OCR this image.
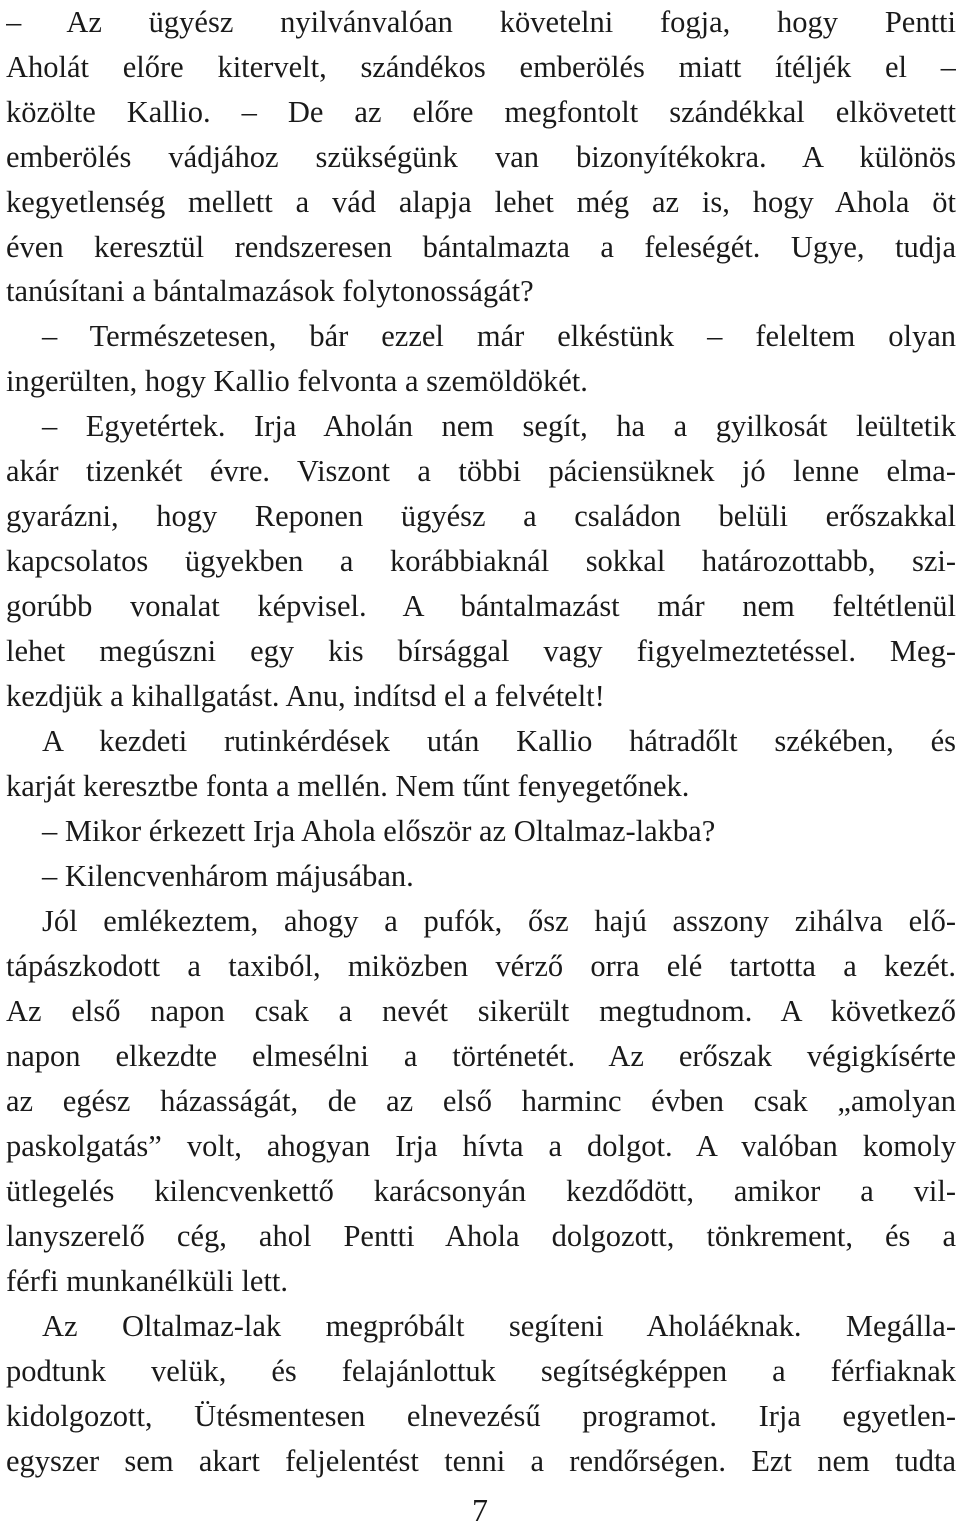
– Az ügyész nyilvánvalóan követelni fogja, hogy Pentti
Aholát előre kitervelt, szándékos emberölés miatt ítéljék el –
közölte Kallio. – De az előre megfontolt szándékkal elkövetett
emberölés vádjához szükségünk van bizonyítékokra. A különös
kegyetlenség mellett a vád alapja lehet még az is, hogy Ahola öt
éven keresztül rendszeresen bántalmazta a feleségét. Ugye, tudja
tanúsítani a bántalmazások folytonosságát?
– Természetesen, bár ezzel már elkéstünk – feleltem olyan
ingerülten, hogy Kallio felvonta a szemöldökét.
– Egyetértek. Irja Aholán nem segít, ha a gyilkosát leültetik
akár tizenkét évre. Viszont a többi páciensüknek jó lenne elma-
gyarázni, hogy Reponen ügyész a családon belüli erőszakkal
kapcsolatos ügyekben a korábbiaknál sokkal határozottabb, szi-
gorúbb vonalat képvisel. A bántalmazást már nem feltétlenül
lehet megúszni egy kis bírsággal vagy figyelmeztetéssel. Meg-
kezdjük a kihallgatást. Anu, indítsd el a felvételt!
A kezdeti rutinkérdések után Kallio hátradőlt székében, és
karját keresztbe fonta a mellén. Nem tűnt fenyegetőnek.
– Mikor érkezett Irja Ahola először az Oltalmaz-lakba?
– Kilencvenhárom májusában.
Jól emlékeztem, ahogy a pufók, ősz hajú asszony zihálva elő-
tápászkodott a taxiból, miközben vérző orra elé tartotta a kezét.
Az első napon csak a nevét sikerült megtudnom. A következő
napon elkezdte elmesélni a történetét. Az erőszak végigkísérte
az egész házasságát, de az első harminc évben csak „amolyan
paskolgatás” volt, ahogyan Irja hívta a dolgot. A valóban komoly
ütlegelés kilencvenkettő karácsonyán kezdődött, amikor a vil-
lanyszerelő cég, ahol Pentti Ahola dolgozott, tönkrement, és a
férfi munkanélküli lett.
Az Oltalmaz-lak megpróbált segíteni Aholáéknak. Megálla-
podtunk velük, és felajánlottuk segítségképpen a férfiaknak
kidolgozott, Ütésmentesen elnevezésű programot. Irja egyetlen-
egyszer sem akart feljelentést tenni a rendőrségen. Ezt nem tudta
7
